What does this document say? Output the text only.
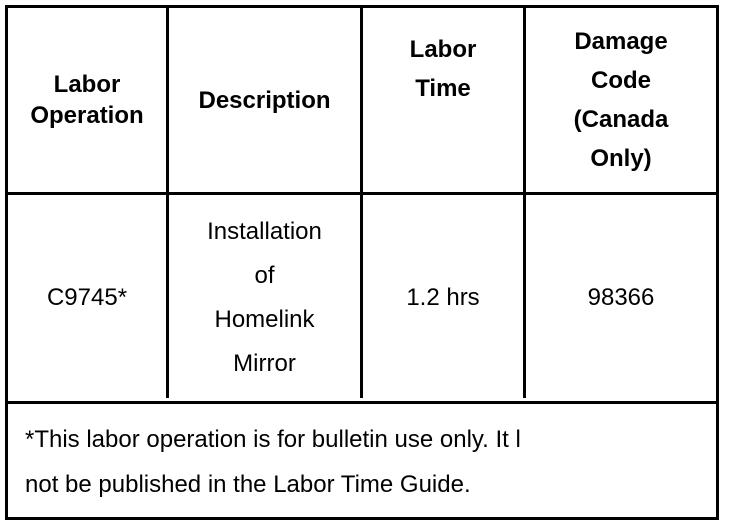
Labor
Operation
Description
Labor
Time
Damage
Code
(Canada
Only)
C9745*
Installation
of
Homelink
Mirror
1.2 hrs	98366
*This labor operation is for bulletin use only. It l
not be published in the Labor Time Guide.
